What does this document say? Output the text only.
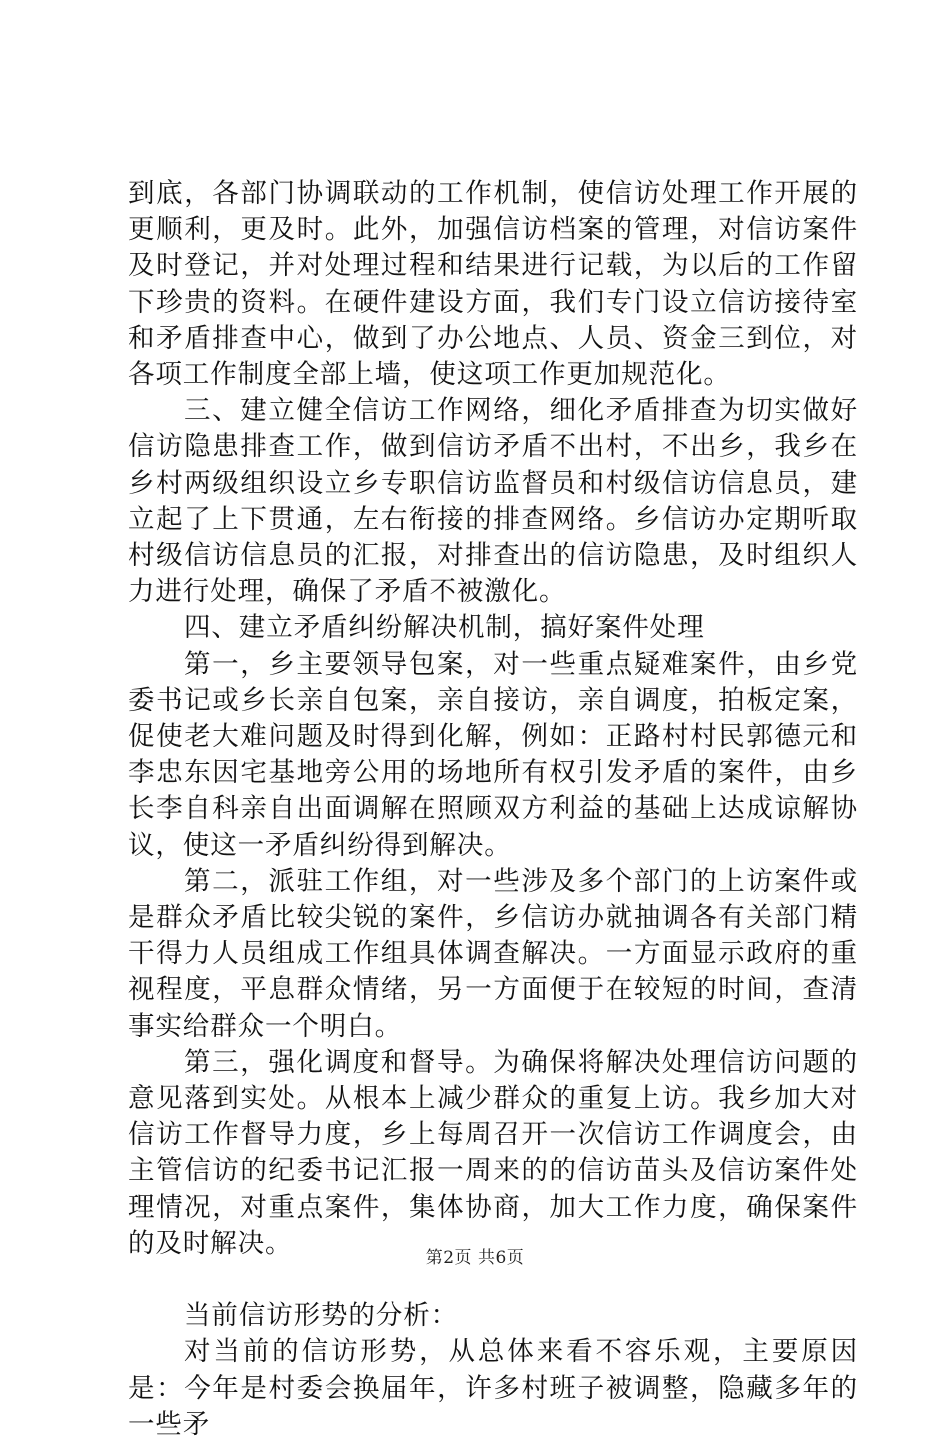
到底，各部门协调联动的工作机制，使信访处理工作开展的更顺利，更及时。此外，加强信访档案的管理，对信访案件及时登记，并对处理过程和结果进行记载，为以后的工作留下珍贵的资料。在硬件建设方面，我们专门设立信访接待室和矛盾排查中心，做到了办公地点、人员、资金三到位，对各项工作制度全部上墙，使这项工作更加规范化。

三、建立健全信访工作网络，细化矛盾排查为切实做好信访隐患排查工作，做到信访矛盾不出村，不出乡，我乡在乡村两级组织设立乡专职信访监督员和村级信访信息员，建立起了上下贯通，左右衔接的排查网络。乡信访办定期听取村级信访信息员的汇报，对排查出的信访隐患，及时组织人力进行处理，确保了矛盾不被激化。

四、建立矛盾纠纷解决机制，搞好案件处理

第一，乡主要领导包案，对一些重点疑难案件，由乡党委书记或乡长亲自包案，亲自接访，亲自调度，拍板定案，促使老大难问题及时得到化解，例如：正路村村民郭德元和李忠东因宅基地旁公用的场地所有权引发矛盾的案件，由乡长李自科亲自出面调解在照顾双方利益的基础上达成谅解协议，使这一矛盾纠纷得到解决。

第二，派驻工作组，对一些涉及多个部门的上访案件或是群众矛盾比较尖锐的案件，乡信访办就抽调各有关部门精干得力人员组成工作组具体调查解决。一方面显示政府的重视程度，平息群众情绪，另一方面便于在较短的时间，查清事实给群众一个明白。

第三，强化调度和督导。为确保将解决处理信访问题的意见落到实处。从根本上减少群众的重复上访。我乡加大对信访工作督导力度，乡上每周召开一次信访工作调度会，由主管信访的纪委书记汇报一周来的的信访苗头及信访案件处理情况，对重点案件，集体协商，加大工作力度，确保案件的及时解决。

当前信访形势的分析：

对当前的信访形势，从总体来看不容乐观，主要原因是：今年是村委会换届年，许多村班子被调整，隐藏多年的一些矛

第2页 共6页
